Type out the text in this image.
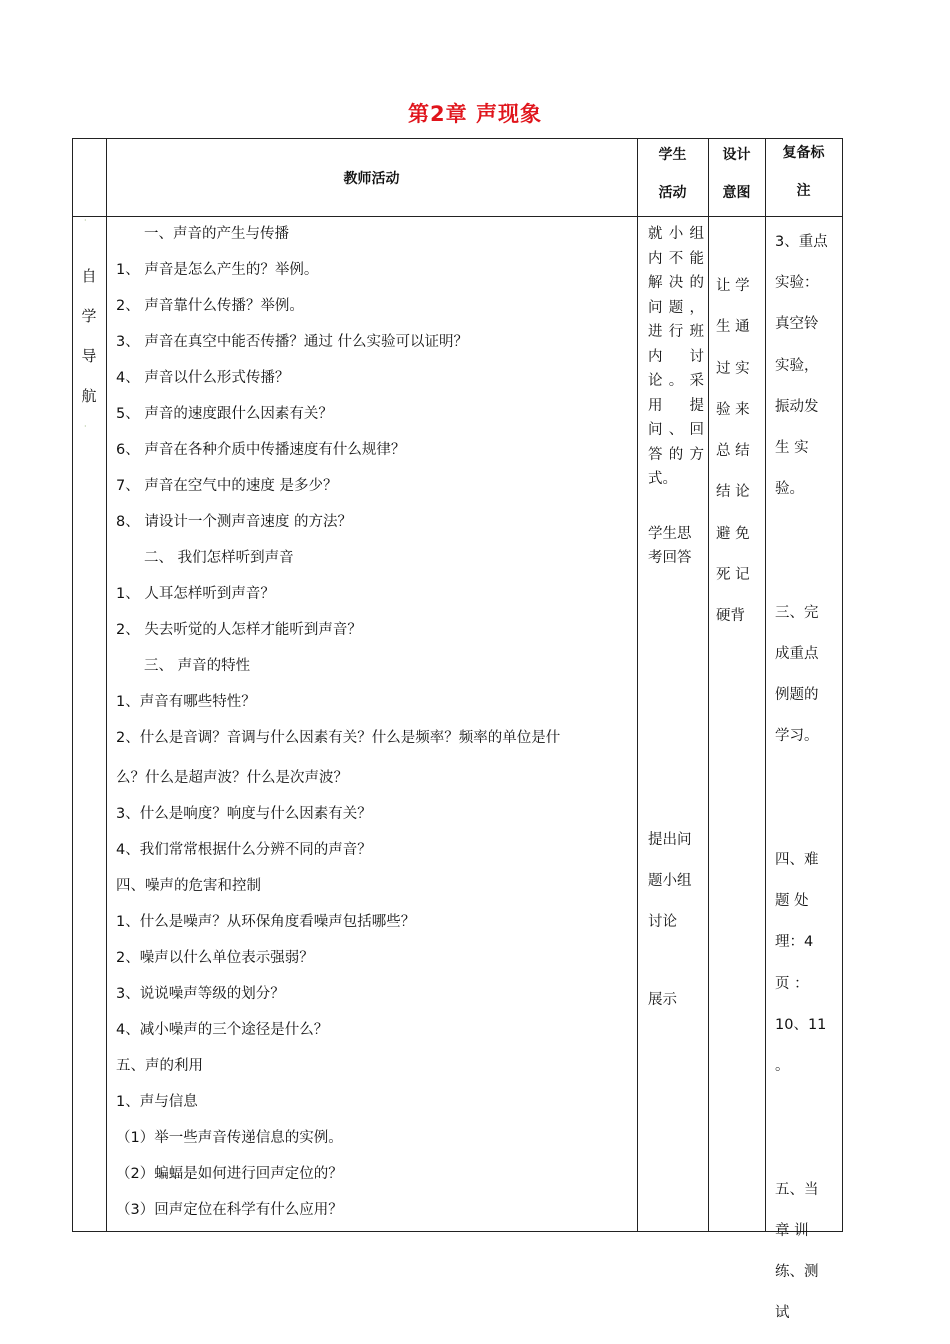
第2章 声现象
教师活动
学生
活动
设计
意图
复备标
注
·
自
学
导
航
·
一、声音的产生与传播
1、 声音是怎么产生的？举例。
2、 声音靠什么传播？举例。
3、 声音在真空中能否传播？通过 什么实验可以证明？
4、 声音以什么形式传播？
5、 声音的速度跟什么因素有关？
6、 声音在各种介质中传播速度有什么规律？
7、 声音在空气中的速度 是多少？
8、 请设计一个测声音速度 的方法？
二、 我们怎样听到声音
1、 人耳怎样听到声音？
2、 失去听觉的人怎样才能听到声音？
三、 声音的特性
1、声音有哪些特性？
2、什么是音调？音调与什么因素有关？什么是频率？频率的单位是什
么？什么是超声波？什么是次声波？
3、什么是响度？响度与什么因素有关？
4、我们常常根据什么分辨不同的声音？
四、噪声的危害和控制
1、什么是噪声？从环保角度看噪声包括哪些？
2、噪声以什么单位表示强弱？
3、说说噪声等级的划分？
4、减小噪声的三个途径是什么？
五、声的利用
1、声与信息
（1）举一些声音传递信息的实例。
（2）蝙蝠是如何进行回声定位的？
（3）回声定位在科学有什么应用？
就小组内不能解决的问题，进行班内讨论。采用提问、回答的方式。
学生思
考回答
提出问
题小组
讨论
展示
让 学
生 通
过 实
验 来
总 结
结 论
避 免
死 记
硬背
3、重点
实验：
真空铃
实验，
振动发
生 实
验。
三、完
成重点
例题的
学习。
四、难
题 处
理：4
页 ：
10、11
。
五、当
章 训
练、测
试
